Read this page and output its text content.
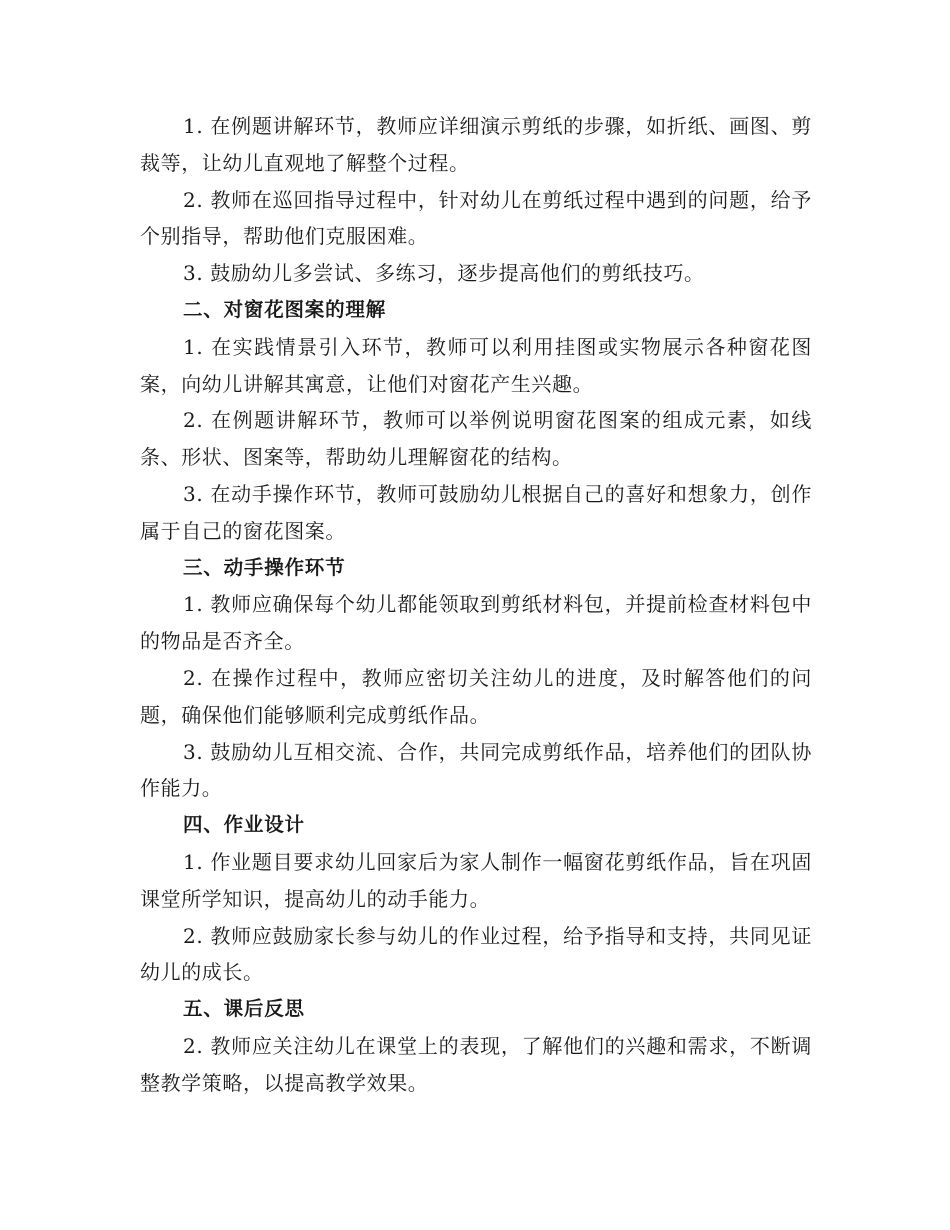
1. 在例题讲解环节，教师应详细演示剪纸的步骤，如折纸、画图、剪裁等，让幼儿直观地了解整个过程。

2. 教师在巡回指导过程中，针对幼儿在剪纸过程中遇到的问题，给予个别指导，帮助他们克服困难。

3. 鼓励幼儿多尝试、多练习，逐步提高他们的剪纸技巧。

二、对窗花图案的理解

1. 在实践情景引入环节，教师可以利用挂图或实物展示各种窗花图案，向幼儿讲解其寓意，让他们对窗花产生兴趣。

2. 在例题讲解环节，教师可以举例说明窗花图案的组成元素，如线条、形状、图案等，帮助幼儿理解窗花的结构。

3. 在动手操作环节，教师可鼓励幼儿根据自己的喜好和想象力，创作属于自己的窗花图案。

三、动手操作环节

1. 教师应确保每个幼儿都能领取到剪纸材料包，并提前检查材料包中的物品是否齐全。

2. 在操作过程中，教师应密切关注幼儿的进度，及时解答他们的问题，确保他们能够顺利完成剪纸作品。

3. 鼓励幼儿互相交流、合作，共同完成剪纸作品，培养他们的团队协作能力。

四、作业设计

1. 作业题目要求幼儿回家后为家人制作一幅窗花剪纸作品，旨在巩固课堂所学知识，提高幼儿的动手能力。

2. 教师应鼓励家长参与幼儿的作业过程，给予指导和支持，共同见证幼儿的成长。

五、课后反思

2. 教师应关注幼儿在课堂上的表现，了解他们的兴趣和需求，不断调整教学策略，以提高教学效果。
